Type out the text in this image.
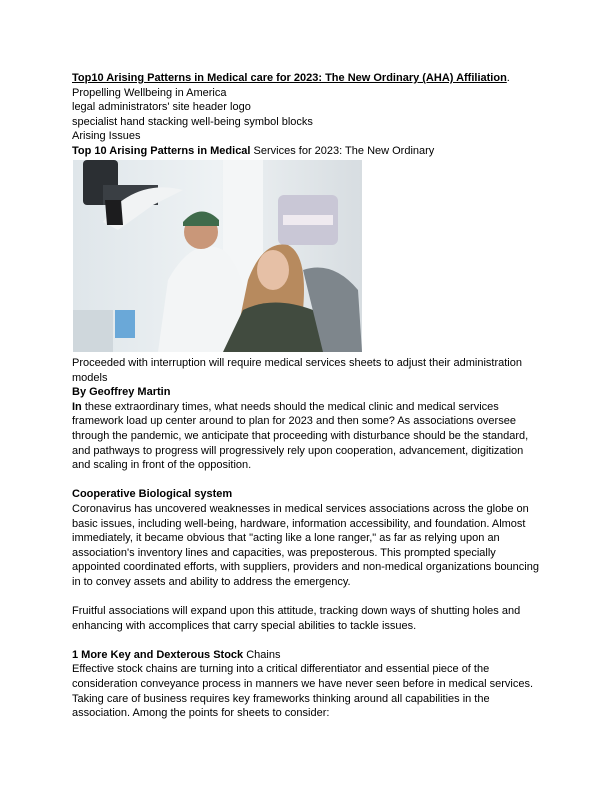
Top10 Arising Patterns in Medical care for 2023: The New Ordinary (AHA) Affiliation.
Propelling Wellbeing in America
legal administrators' site header logo
specialist hand stacking well-being symbol blocks
Arising Issues
Top 10 Arising Patterns in Medical Services for 2023: The New Ordinary
Proceeded with interruption will require medical services sheets to adjust their administration
models
By Geoffrey Martin
In these extraordinary times, what needs should the medical clinic and medical services
framework load up center around to plan for 2023 and then some? As associations oversee
through the pandemic, we anticipate that proceeding with disturbance should be the standard,
and pathways to progress will progressively rely upon cooperation, advancement, digitization
and scaling in front of the opposition.

Cooperative Biological system
Coronavirus has uncovered weaknesses in medical services associations across the globe on
basic issues, including well-being, hardware, information accessibility, and foundation. Almost
immediately, it became obvious that "acting like a lone ranger," as far as relying upon an
association's inventory lines and capacities, was preposterous. This prompted specially
appointed coordinated efforts, with suppliers, providers and non-medical organizations bouncing
in to convey assets and ability to address the emergency.

Fruitful associations will expand upon this attitude, tracking down ways of shutting holes and
enhancing with accomplices that carry special abilities to tackle issues.

1 More Key and Dexterous Stock Chains
Effective stock chains are turning into a critical differentiator and essential piece of the
consideration conveyance process in manners we have never seen before in medical services.
Taking care of business requires key frameworks thinking around all capabilities in the
association. Among the points for sheets to consider:
